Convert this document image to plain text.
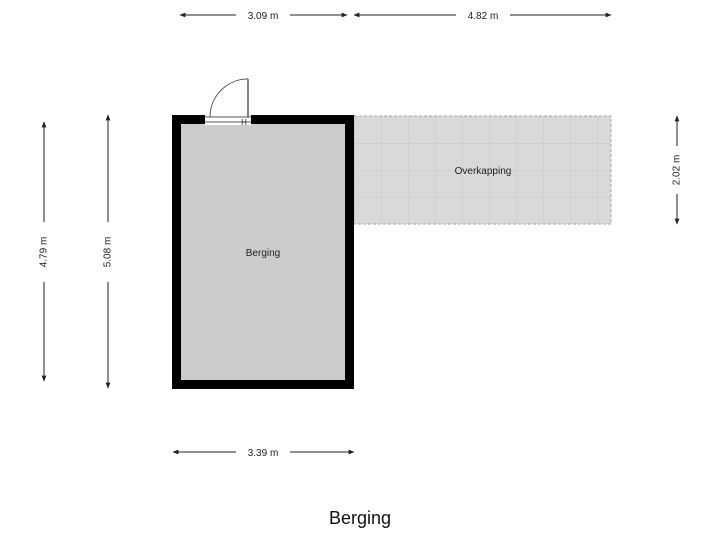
H
Berging
Overkapping
3.09 m	4.82 m
3.39 m
4.79 m	5.08 m
2.02 m
Berging
